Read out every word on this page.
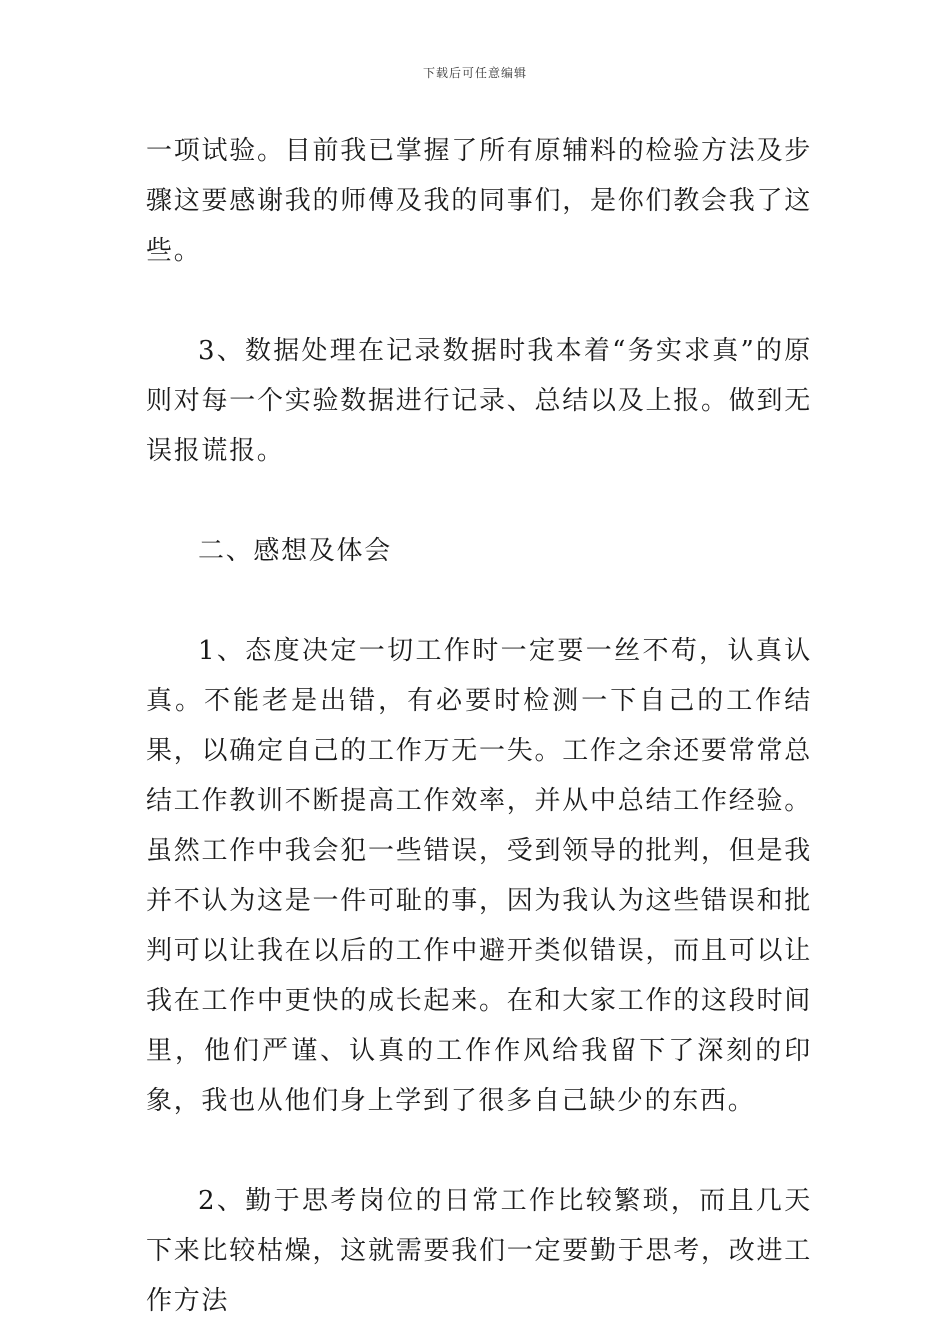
下载后可任意编辑

一项试验。目前我已掌握了所有原辅料的检验方法及步骤这要感谢我的师傅及我的同事们，是你们教会我了这些。

3、数据处理在记录数据时我本着“务实求真”的原则对每一个实验数据进行记录、总结以及上报。做到无误报谎报。

二、感想及体会

1、态度决定一切工作时一定要一丝不苟，认真认真。不能老是出错，有必要时检测一下自己的工作结果，以确定自己的工作万无一失。工作之余还要常常总结工作教训不断提高工作效率，并从中总结工作经验。虽然工作中我会犯一些错误，受到领导的批判，但是我并不认为这是一件可耻的事，因为我认为这些错误和批判可以让我在以后的工作中避开类似错误，而且可以让我在工作中更快的成长起来。在和大家工作的这段时间里，他们严谨、认真的工作作风给我留下了深刻的印象，我也从他们身上学到了很多自己缺少的东西。

2、勤于思考岗位的日常工作比较繁琐，而且几天下来比较枯燥，这就需要我们一定要勤于思考，改进工作方法
